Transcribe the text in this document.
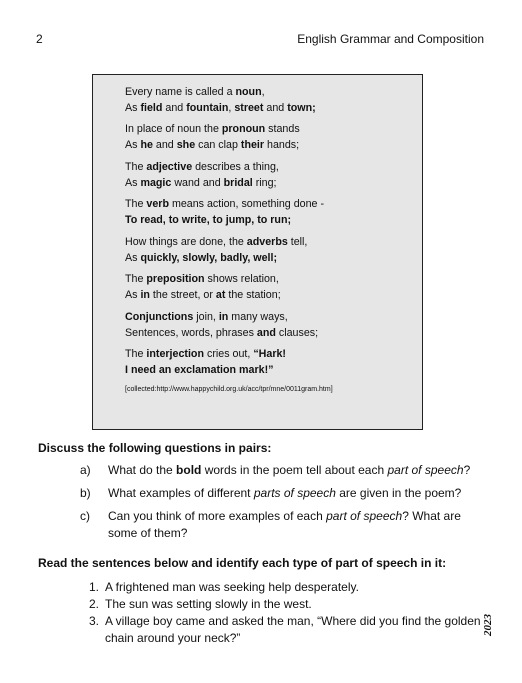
2	English Grammar and Composition
Every name is called a noun,
As field and fountain, street and town;
In place of noun the pronoun stands
As he and she can clap their hands;
The adjective describes a thing,
As magic wand and bridal ring;
The verb means action, something done -
To read, to write, to jump, to run;
How things are done, the adverbs tell,
As quickly, slowly, badly, well;
The preposition shows relation,
As in the street, or at the station;
Conjunctions join, in many ways,
Sentences, words, phrases and clauses;
The interjection cries out, “Hark!
I need an exclamation mark!”
[collected:http://www.happychild.org.uk/acc/tpr/mne/0011gram.htm]
Discuss the following questions in pairs:
a)	What do the bold words in the poem tell about each part of speech?
b)	What examples of different parts of speech are given in the poem?
c)	Can you think of more examples of each part of speech? What are some of them?
Read the sentences below and identify each type of part of speech in it:
1. A frightened man was seeking help desperately.
2. The sun was setting slowly in the west.
3. A village boy came and asked the man, “Where did you find the golden chain around your neck?”
2023
